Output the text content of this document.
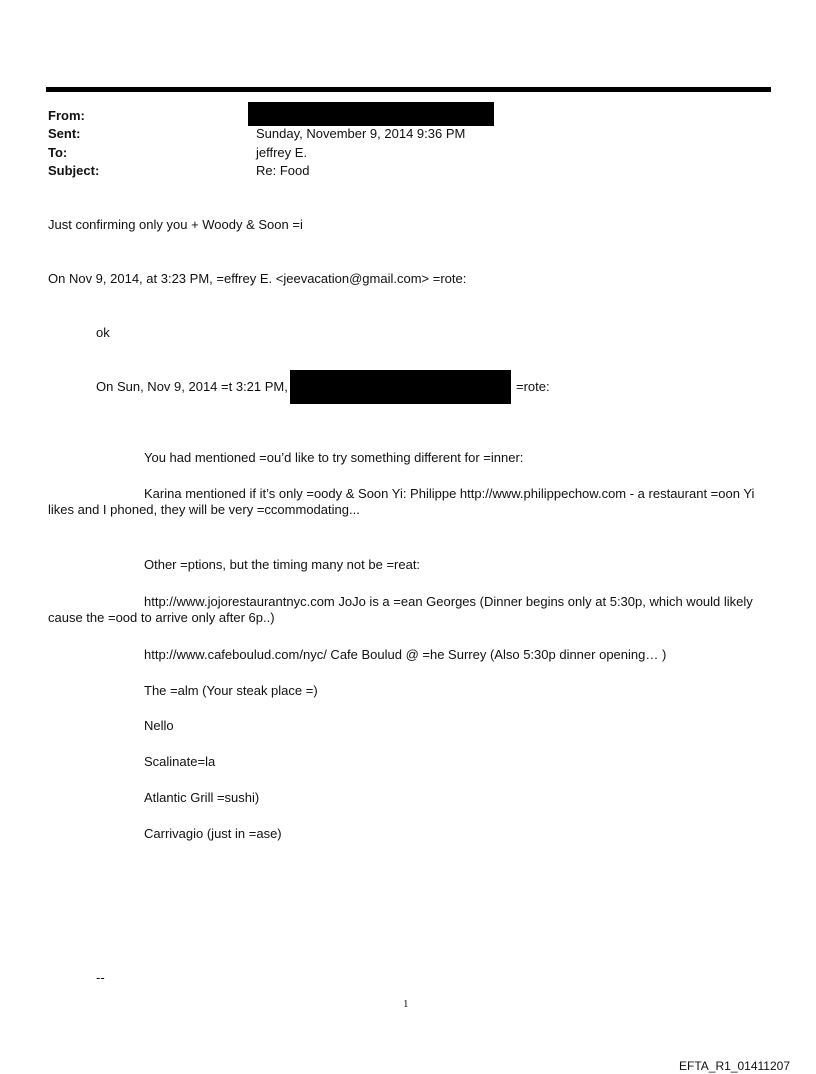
From:
Sent:	Sunday, November 9, 2014 9:36 PM
To:	jeffrey E.
Subject:	Re: Food
Just confirming only you + Woody & Soon =i
On Nov 9, 2014, at 3:23 PM, =effrey E. <jeevacation@gmail.com> =rote:
ok
On Sun, Nov 9, 2014 =t 3:21 PM,	=rote:
You had mentioned =ou’d like to try something different for =inner:
Karina mentioned if it’s only =oody & Soon Yi: Philippe http://www.philippechow.com - a restaurant =oon Yi likes and I phoned, they will be very =ccommodating...
Other =ptions, but the timing many not be =reat:
http://www.jojorestaurantnyc.com JoJo is a =ean Georges (Dinner begins only at 5:30p, which would likely cause the =ood to arrive only after 6p..)
http://www.cafeboulud.com/nyc/ Cafe Boulud @ =he Surrey (Also 5:30p dinner opening… )
The =alm (Your steak place =)
Nello
Scalinate=la
Atlantic Grill =sushi)
Carrivagio (just in =ase)
--
1
EFTA_R1_01411207
